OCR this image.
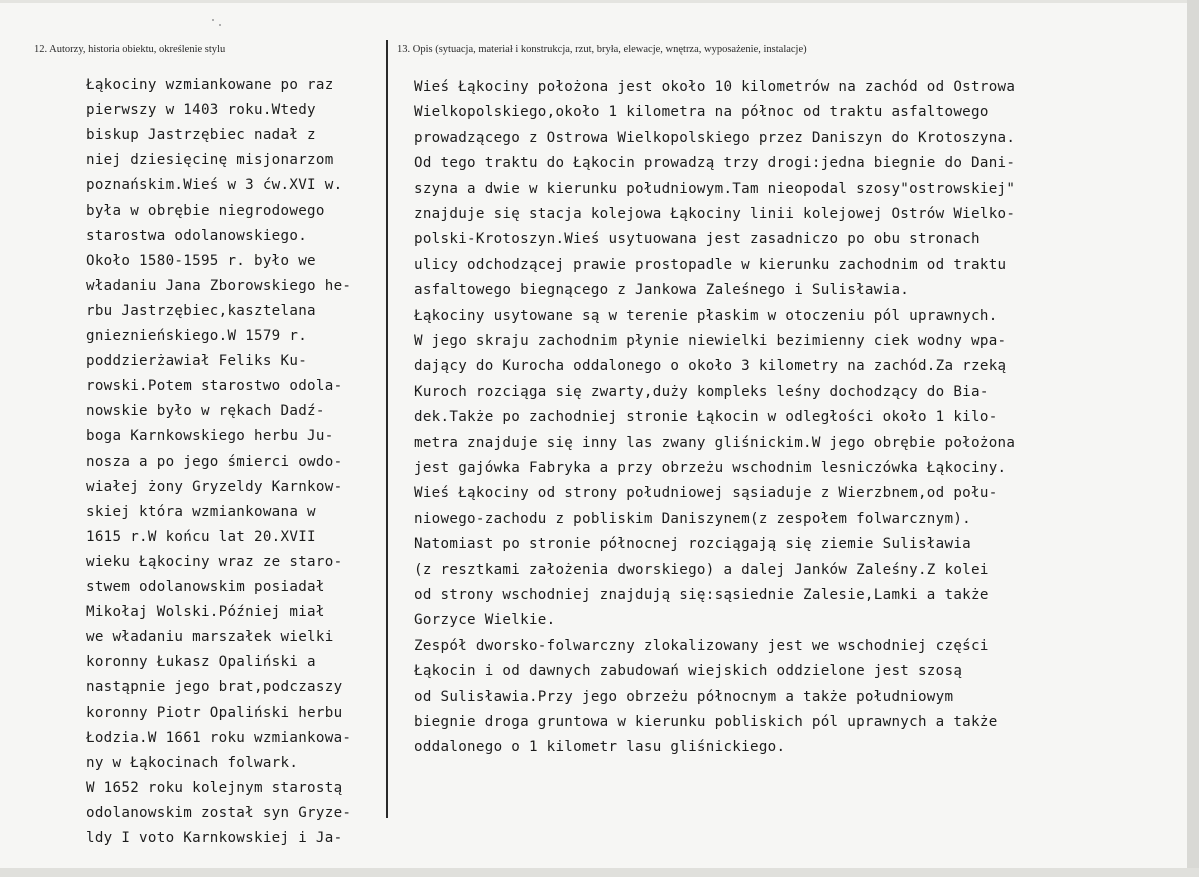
12. Autorzy, historia obiektu, określenie stylu	13. Opis (sytuacja, materiał i konstrukcja, rzut, bryła, elewacje, wnętrza, wyposażenie, instalacje)
Łąkociny wzmiankowane po raz
pierwszy w 1403 roku.Wtedy
biskup Jastrzębiec nadał z
niej dziesięcinę misjonarzom
poznańskim.Wieś w 3 ćw.XVI w.
była w obrębie niegrodowego
starostwa odolanowskiego.
Około 1580-1595 r. było we
władaniu Jana Zborowskiego he-
rbu Jastrzębiec,kasztelana
gnieznieńskiego.W 1579 r.
poddzierżawiał Feliks Ku-
rowski.Potem starostwo odola-
nowskie było w rękach Dadź-
boga Karnkowskiego herbu Ju-
nosza a po jego śmierci owdo-
wiałej żony Gryzeldy Karnkow-
skiej która wzmiankowana w
1615 r.W końcu lat 20.XVII
wieku Łąkociny wraz ze staro-
stwem odolanowskim posiadał
Mikołaj Wolski.Później miał
we władaniu marszałek wielki
koronny Łukasz Opaliński a
nastąpnie jego brat,podczaszy
koronny Piotr Opaliński herbu
Łodzia.W 1661 roku wzmiankowa-
ny w Łąkocinach folwark.
W 1652 roku kolejnym starostą
odolanowskim został syn Gryze-
ldy I voto Karnkowskiej i Ja-
Wieś Łąkociny położona jest około 10 kilometrów na zachód od Ostrowa
Wielkopolskiego,około 1 kilometra na północ od traktu asfaltowego
prowadzącego z Ostrowa Wielkopolskiego przez Daniszyn do Krotoszyna.
Od tego traktu do Łąkocin prowadzą trzy drogi:jedna biegnie do Dani-
szyna a dwie w kierunku południowym.Tam nieopodal szosy"ostrowskiej"
znajduje się stacja kolejowa Łąkociny linii kolejowej Ostrów Wielko-
polski-Krotoszyn.Wieś usytuowana jest zasadniczo po obu stronach
ulicy odchodzącej prawie prostopadle w kierunku zachodnim od traktu
asfaltowego biegnącego z Jankowa Zaleśnego i Sulisławia.
Łąkociny usytowane są w terenie płaskim w otoczeniu pól uprawnych.
W jego skraju zachodnim płynie niewielki bezimienny ciek wodny wpa-
dający do Kurocha oddalonego o około 3 kilometry na zachód.Za rzeką
Kuroch rozciąga się zwarty,duży kompleks leśny dochodzący do Bia-
dek.Także po zachodniej stronie Łąkocin w odległości około 1 kilo-
metra znajduje się inny las zwany gliśnickim.W jego obrębie położona
jest gajówka Fabryka a przy obrzeżu wschodnim lesniczówka Łąkociny.
Wieś Łąkociny od strony południowej sąsiaduje z Wierzbnem,od połu-
niowego-zachodu z pobliskim Daniszynem(z zespołem folwarcznym).
Natomiast po stronie północnej rozciągają się ziemie Sulisławia
(z resztkami założenia dworskiego) a dalej Janków Zaleśny.Z kolei
od strony wschodniej znajdują się:sąsiednie Zalesie,Lamki a także
Gorzyce Wielkie.
Zespół dworsko-folwarczny zlokalizowany jest we wschodniej części
Łąkocin i od dawnych zabudowań wiejskich oddzielone jest szosą
od Sulisławia.Przy jego obrzeżu północnym a także południowym
biegnie droga gruntowa w kierunku pobliskich pól uprawnych a także
oddalonego o 1 kilometr lasu gliśnickiego.
